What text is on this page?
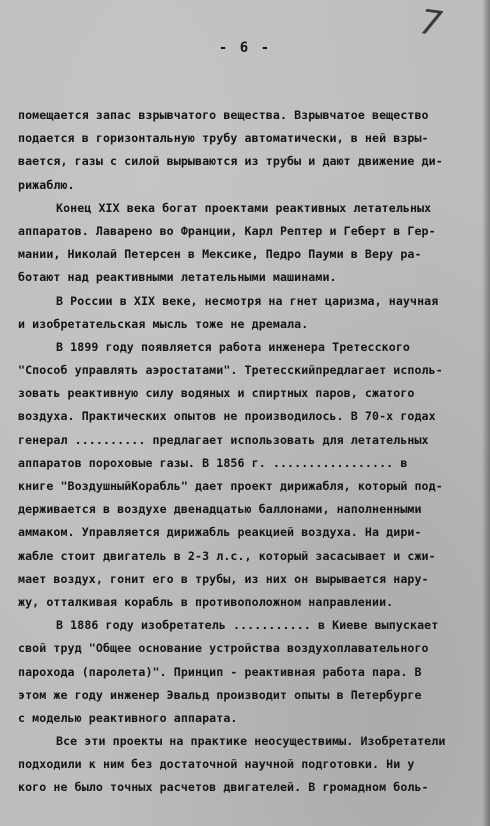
- 6 -
7
помещается запас взрывчатого вещества. Взрывчатое вещество
подается в горизонтальную трубу автоматически, в ней взры-
вается, газы с силой вырываются из трубы и дают движение ди-
рижаблю.
Конец XIX века богат проектами реактивных летательных
аппаратов. Лаварено во Франции, Карл Рептер и Геберт в Гер-
мании, Николай Петерсен в Мексике, Педро Пауми в Веру ра-
ботают над реактивными летательными машинами.
В России в XIX веке, несмотря на гнет царизма, научная
и изобретательская мысль тоже не дремала.
В 1899 году появляется работа инженера Третесского
"Способ управлять аэростатами". Третесскийпредлагает исполь-
зовать реактивную силу водяных и спиртных паров, сжатого
воздуха. Практических опытов не производилось. В 70-х годах
генерал .......... предлагает использовать для летательных
аппаратов пороховые газы. В 1856 г. ................. в
книге "ВоздушныйКорабль" дает проект дирижабля, который под-
держивается в воздухе двенадцатью баллонами, наполненными
аммаком. Управляется дирижабль реакцией воздуха. На дири-
жабле стоит двигатель в 2-3 л.с., который засасывает и сжи-
мает воздух, гонит его в трубы, из них он вырывается нару-
жу, отталкивая корабль в противоположном направлении.
В 1886 году изобретатель ........... в Киеве выпускает
свой труд "Общее основание устройства воздухоплавательного
парохода (паролета)". Принцип - реактивная работа пара. В
этом же году инженер Эвальд производит опыты в Петербурге
с моделью реактивного аппарата.
Все эти проекты на практике неосуществимы. Изобретатели
подходили к ним без достаточной научной подготовки. Ни у
кого не было точных расчетов двигателей. В громадном боль-
